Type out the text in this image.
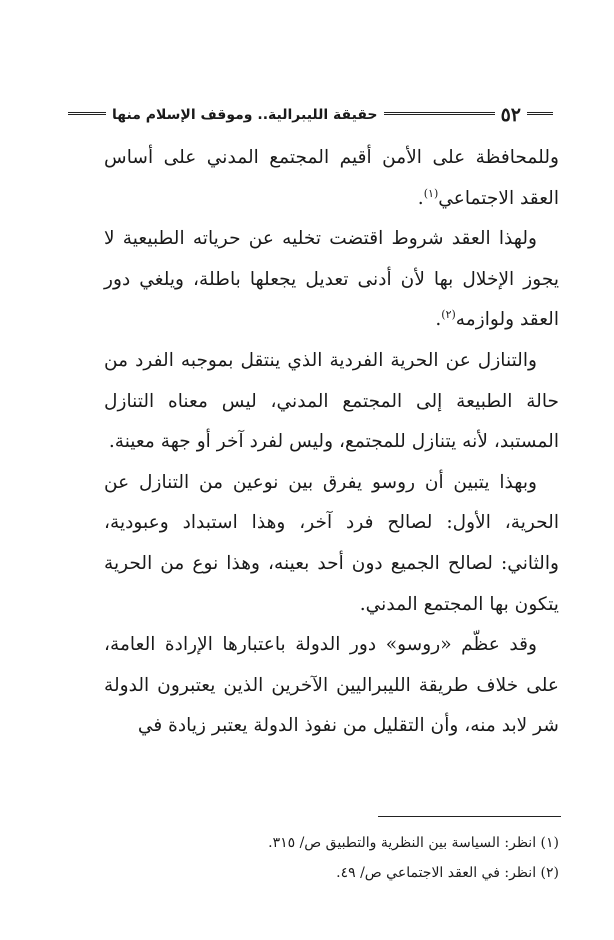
٥٢
حقيقة الليبرالية.. وموقف الإسلام منها

وللمحافظة على الأمن أقيم المجتمع المدني على أساس العقد الاجتماعي$^{(١)}$.

ولهذا العقد شروط اقتضت تخليه عن حرياته الطبيعية لا يجوز الإخلال بها لأن أدنى تعديل يجعلها باطلة، ويلغي دور العقد ولوازمه$^{(٢)}$.

والتنازل عن الحرية الفردية الذي ينتقل بموجبه الفرد من حالة الطبيعة إلى المجتمع المدني، ليس معناه التنازل المستبد، لأنه يتنازل للمجتمع، وليس لفرد آخر أو جهة معينة.

وبهذا يتبين أن روسو يفرق بين نوعين من التنازل عن الحرية، الأول: لصالح فرد آخر، وهذا استبداد وعبودية، والثاني: لصالح الجميع دون أحد بعينه، وهذا نوع من الحرية يتكون بها المجتمع المدني.

وقد عظّم «روسو» دور الدولة باعتبارها الإرادة العامة، على خلاف طريقة الليبراليين الآخرين الذين يعتبرون الدولة شر لابد منه، وأن التقليل من نفوذ الدولة يعتبر زيادة في

(١) انظر: السياسة بين النظرية والتطبيق ص/ ٣١٥.
(٢) انظر: في العقد الاجتماعي ص/ ٤٩.
